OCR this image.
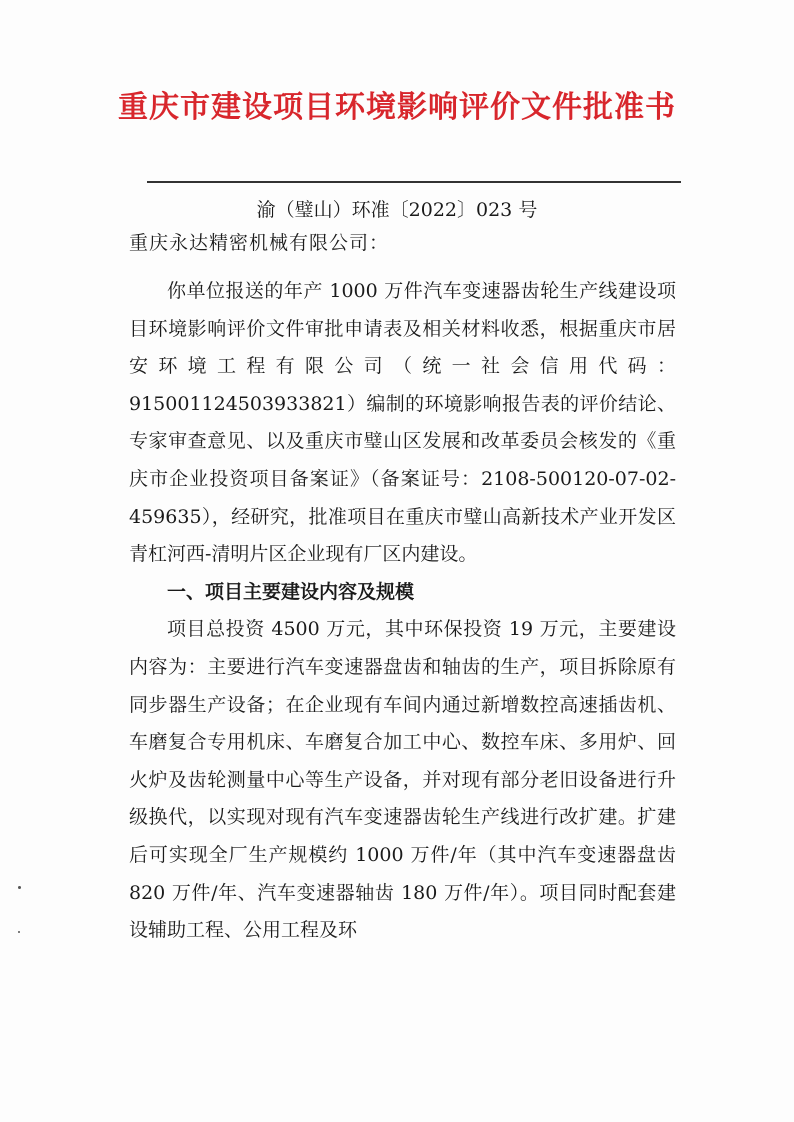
重庆市建设项目环境影响评价文件批准书
渝（璧山）环准〔2022〕023 号
重庆永达精密机械有限公司：

你单位报送的年产 1000 万件汽车变速器齿轮生产线建设项目环境影响评价文件审批申请表及相关材料收悉，根据重庆市居安环境工程有限公司（统一社会信用代码：915001124503933821）编制的环境影响报告表的评价结论、专家审查意见、以及重庆市璧山区发展和改革委员会核发的《重庆市企业投资项目备案证》（备案证号：2108-500120-07-02-459635），经研究，批准项目在重庆市璧山高新技术产业开发区青杠河西-清明片区企业现有厂区内建设。

一、项目主要建设内容及规模

项目总投资 4500 万元，其中环保投资 19 万元，主要建设内容为：主要进行汽车变速器盘齿和轴齿的生产，项目拆除原有同步器生产设备；在企业现有车间内通过新增数控高速插齿机、车磨复合专用机床、车磨复合加工中心、数控车床、多用炉、回火炉及齿轮测量中心等生产设备，并对现有部分老旧设备进行升级换代，以实现对现有汽车变速器齿轮生产线进行改扩建。扩建后可实现全厂生产规模约 1000 万件/年（其中汽车变速器盘齿 820 万件/年、汽车变速器轴齿 180 万件/年）。项目同时配套建设辅助工程、公用工程及环
